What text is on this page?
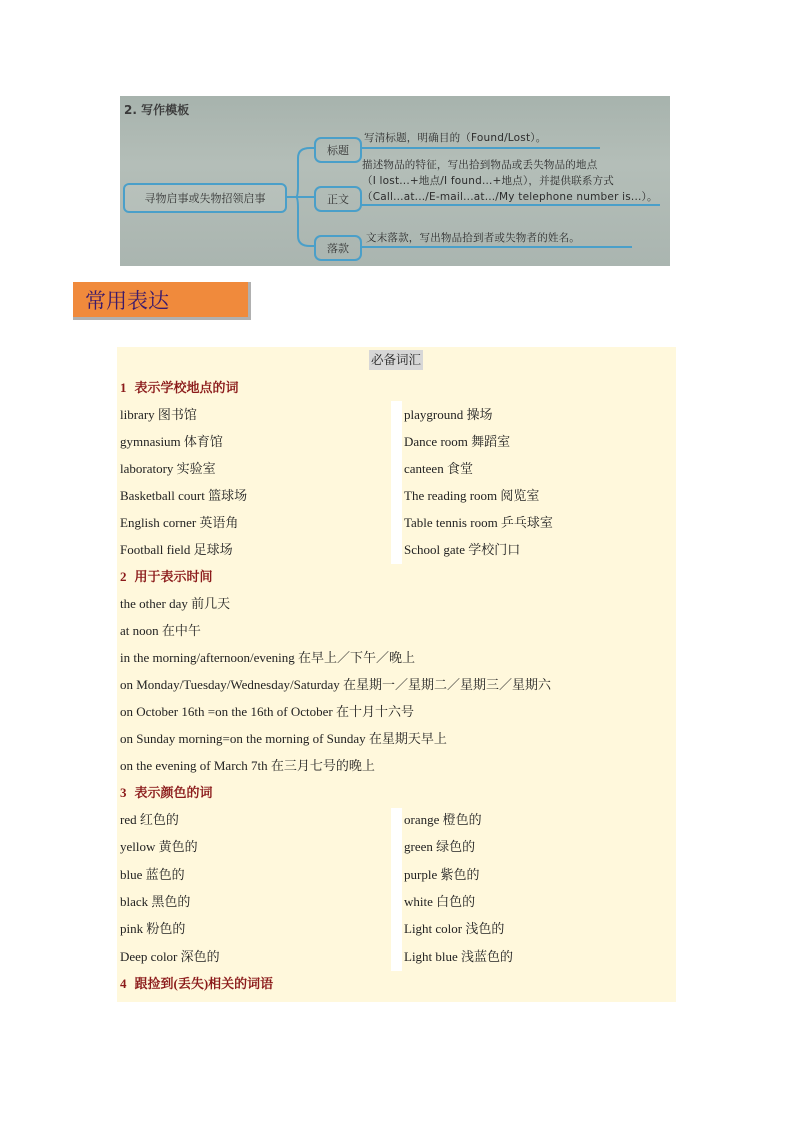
2. 写作模板
寻物启事或失物招领启事
标题
写清标题，明确目的（Found/Lost）。
正文
描述物品的特征，写出拾到物品或丢失物品的地点
（I lost...+地点/I found...+地点），并提供联系方式
（Call...at.../E-mail...at.../My telephone number is...）。
落款
文末落款，写出物品拾到者或失物者的姓名。
常用表达
必备词汇
1 表示学校地点的词
library 图书馆	playground 操场
gymnasium 体育馆	Dance room 舞蹈室
laboratory 实验室	canteen 食堂
Basketball court 篮球场	The reading room 阅览室
English corner 英语角	Table tennis room 乒乓球室
Football field 足球场	School gate 学校门口
2 用于表示时间
the other day 前几天
at noon 在中午
in the morning/afternoon/evening 在早上／下午／晚上
on Monday/Tuesday/Wednesday/Saturday 在星期一／星期二／星期三／星期六
on October 16th =on the 16th of October 在十月十六号
on Sunday morning=on the morning of Sunday 在星期天早上
on the evening of March 7th 在三月七号的晚上
3 表示颜色的词
red 红色的	orange 橙色的
yellow 黄色的	green 绿色的
blue 蓝色的	purple 紫色的
black 黑色的	white 白色的
pink 粉色的	Light color 浅色的
Deep color 深色的	Light blue 浅蓝色的
4 跟捡到(丢失)相关的词语
